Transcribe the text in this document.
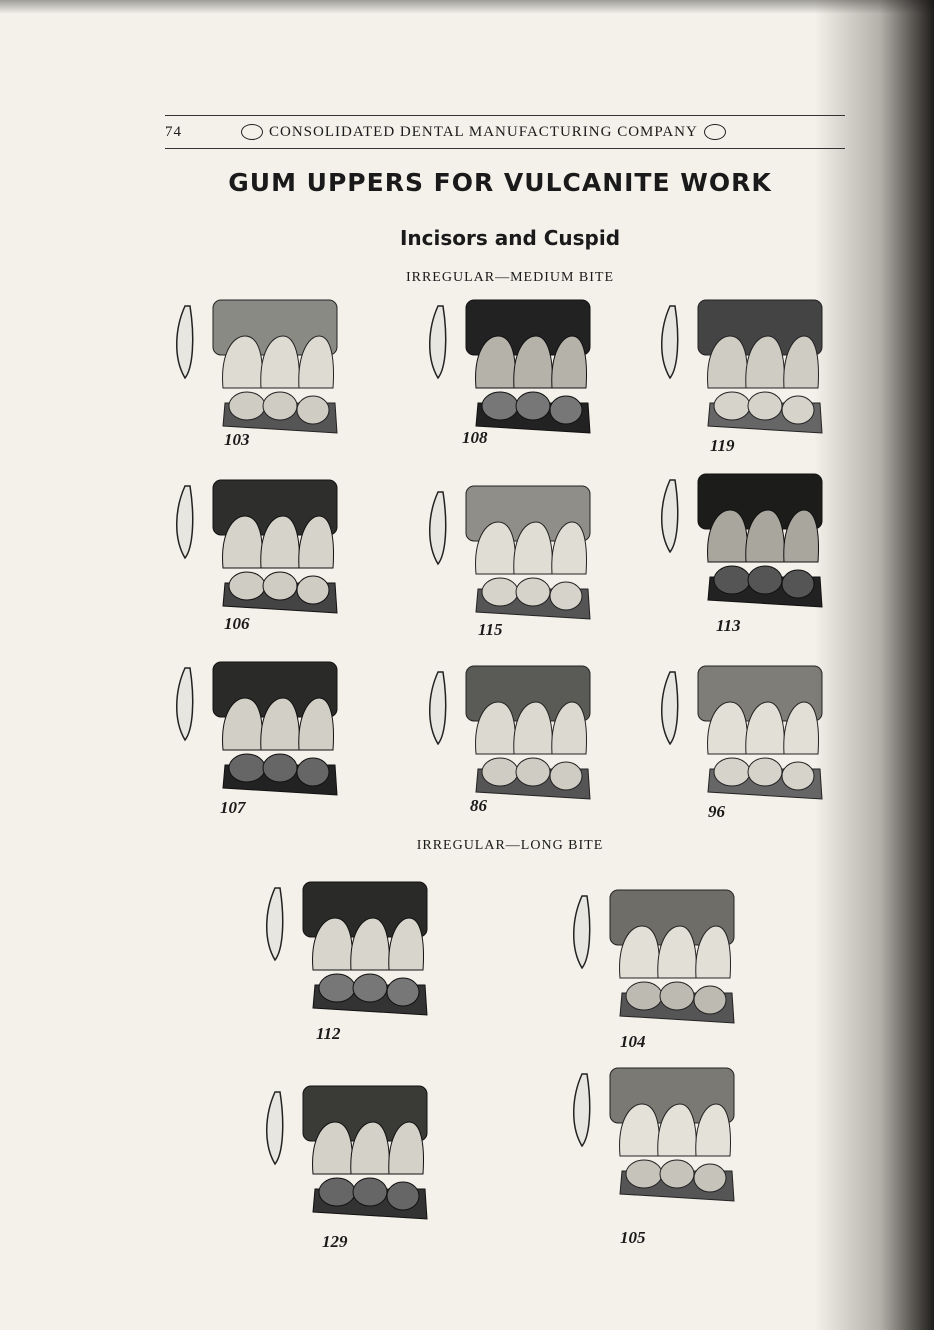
74	CONSOLIDATED DENTAL MANUFACTURING COMPANY
GUM UPPERS FOR VULCANITE WORK
Incisors and Cuspid
IRREGULAR—MEDIUM BITE
IRREGULAR—LONG BITE
103	108	119
106	115	113
107	86	96
112	104
129	105
